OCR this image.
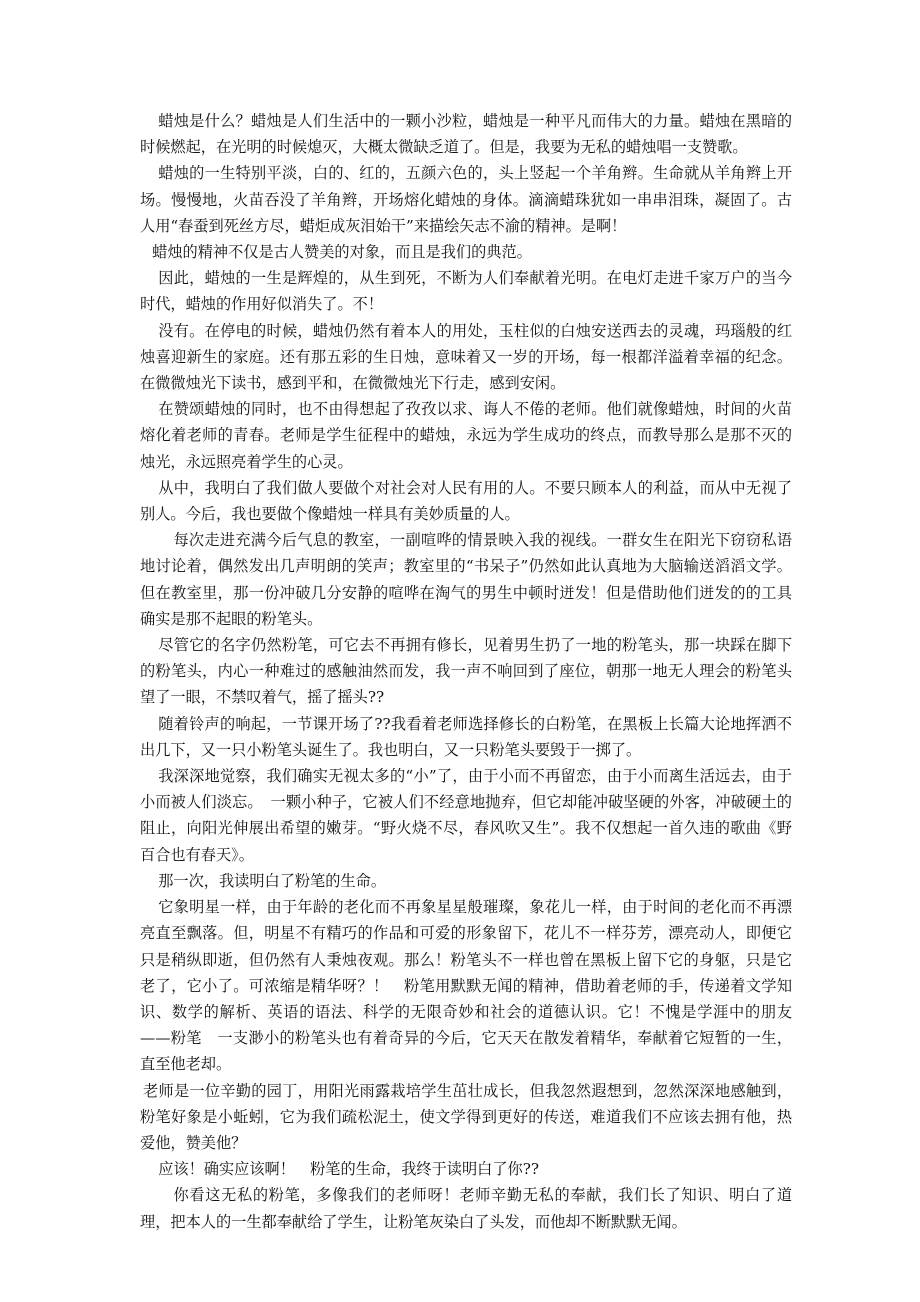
蜡烛是什么？蜡烛是人们生活中的一颗小沙粒，蜡烛是一种平凡而伟大的力量。蜡烛在黑暗的时候燃起，在光明的时候熄灭，大概太微缺乏道了。但是，我要为无私的蜡烛唱一支赞歌。

蜡烛的一生特别平淡，白的、红的，五颜六色的，头上竖起一个羊角辫。生命就从羊角辫上开场。慢慢地，火苗吞没了羊角辫，开场熔化蜡烛的身体。滴滴蜡珠犹如一串串泪珠，凝固了。古人用“春蚕到死丝方尽，蜡炬成灰泪始干”来描绘矢志不渝的精神。是啊！

蜡烛的精神不仅是古人赞美的对象，而且是我们的典范。

因此，蜡烛的一生是辉煌的，从生到死，不断为人们奉献着光明。在电灯走进千家万户的当今时代，蜡烛的作用好似消失了。不！

没有。在停电的时候，蜡烛仍然有着本人的用处，玉柱似的白烛安送西去的灵魂，玛瑙般的红烛喜迎新生的家庭。还有那五彩的生日烛，意味着又一岁的开场，每一根都洋溢着幸福的纪念。在微微烛光下读书，感到平和，在微微烛光下行走，感到安闲。

在赞颂蜡烛的同时，也不由得想起了孜孜以求、诲人不倦的老师。他们就像蜡烛，时间的火苗熔化着老师的青春。老师是学生征程中的蜡烛，永远为学生成功的终点，而教导那么是那不灭的烛光，永远照亮着学生的心灵。

从中，我明白了我们做人要做个对社会对人民有用的人。不要只顾本人的利益，而从中无视了别人。今后，我也要做个像蜡烛一样具有美妙质量的人。

每次走进充满今后气息的教室，一副喧哗的情景映入我的视线。一群女生在阳光下窃窃私语地讨论着，偶然发出几声明朗的笑声；教室里的“书呆子”仍然如此认真地为大脑输送滔滔文学。但在教室里，那一份冲破几分安静的喧哗在淘气的男生中顿时迸发！但是借助他们迸发的的工具确实是那不起眼的粉笔头。

尽管它的名字仍然粉笔，可它去不再拥有修长，见着男生扔了一地的粉笔头，那一块踩在脚下的粉笔头，内心一种难过的感触油然而发，我一声不响回到了座位，朝那一地无人理会的粉笔头望了一眼，不禁叹着气，摇了摇头??

随着铃声的响起，一节课开场了??我看着老师选择修长的白粉笔，在黑板上长篇大论地挥洒不出几下，又一只小粉笔头诞生了。我也明白，又一只粉笔头要毁于一掷了。

我深深地觉察，我们确实无视太多的“小”了，由于小而不再留恋，由于小而离生活远去，由于小而被人们淡忘。　一颗小种子，它被人们不经意地抛弃，但它却能冲破坚硬的外客，冲破硬土的阻止，向阳光伸展出希望的嫩芽。“野火烧不尽，春风吹又生”。我不仅想起一首久违的歌曲《野百合也有春天》。

那一次，我读明白了粉笔的生命。

它象明星一样，由于年龄的老化而不再象星星般璀璨，象花儿一样，由于时间的老化而不再漂亮直至飘落。但，明星不有精巧的作品和可爱的形象留下，花儿不一样芬芳，漂亮动人，即便它只是稍纵即逝，但仍然有人秉烛夜观。那么！粉笔头不一样也曾在黑板上留下它的身躯，只是它老了，它小了。可浓缩是精华呀？！　粉笔用默默无闻的精神，借助着老师的手，传递着文学知识、数学的解析、英语的语法、科学的无限奇妙和社会的道德认识。它！不愧是学涯中的朋友——粉笔　一支渺小的粉笔头也有着奇异的今后，它天天在散发着精华，奉献着它短暂的一生，直至他老却。

老师是一位辛勤的园丁，用阳光雨露栽培学生茁壮成长，但我忽然遐想到，忽然深深地感触到，粉笔好象是小蚯蚓，它为我们疏松泥土，使文学得到更好的传送，难道我们不应该去拥有他，热爱他，赞美他？

应该！确实应该啊！　粉笔的生命，我终于读明白了你??

你看这无私的粉笔，多像我们的老师呀！老师辛勤无私的奉献，我们长了知识、明白了道理，把本人的一生都奉献给了学生，让粉笔灰染白了头发，而他却不断默默无闻。
